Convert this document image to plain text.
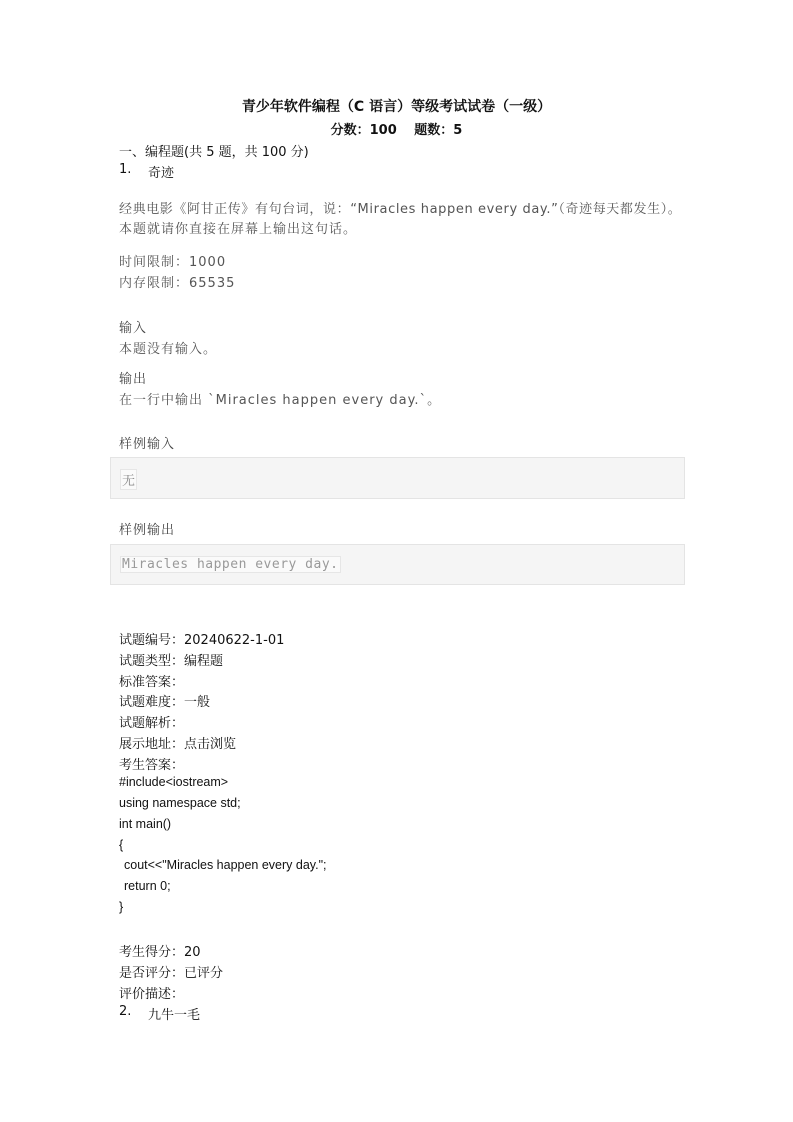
青少年软件编程（C 语言）等级考试试卷（一级）
分数：100　 题数：5
一、编程题(共 5 题，共 100 分)
1. 奇迹
经典电影《阿甘正传》有句台词，说：“Miracles happen every day.”（奇迹每天都发生）。
本题就请你直接在屏幕上输出这句话。
时间限制：1000
内存限制：65535
输入
本题没有输入。
输出
在一行中输出 `Miracles happen every day.`。
样例输入
无
样例输出
Miracles happen every day.
试题编号：20240622-1-01
试题类型：编程题
标准答案：
试题难度：一般
试题解析：
展示地址：点击浏览
考生答案：
#include<iostream>
using namespace std;
int main()
{
cout<<"Miracles happen every day.";
return 0;
}
考生得分：20
是否评分：已评分
评价描述：
2. 九牛一毛
